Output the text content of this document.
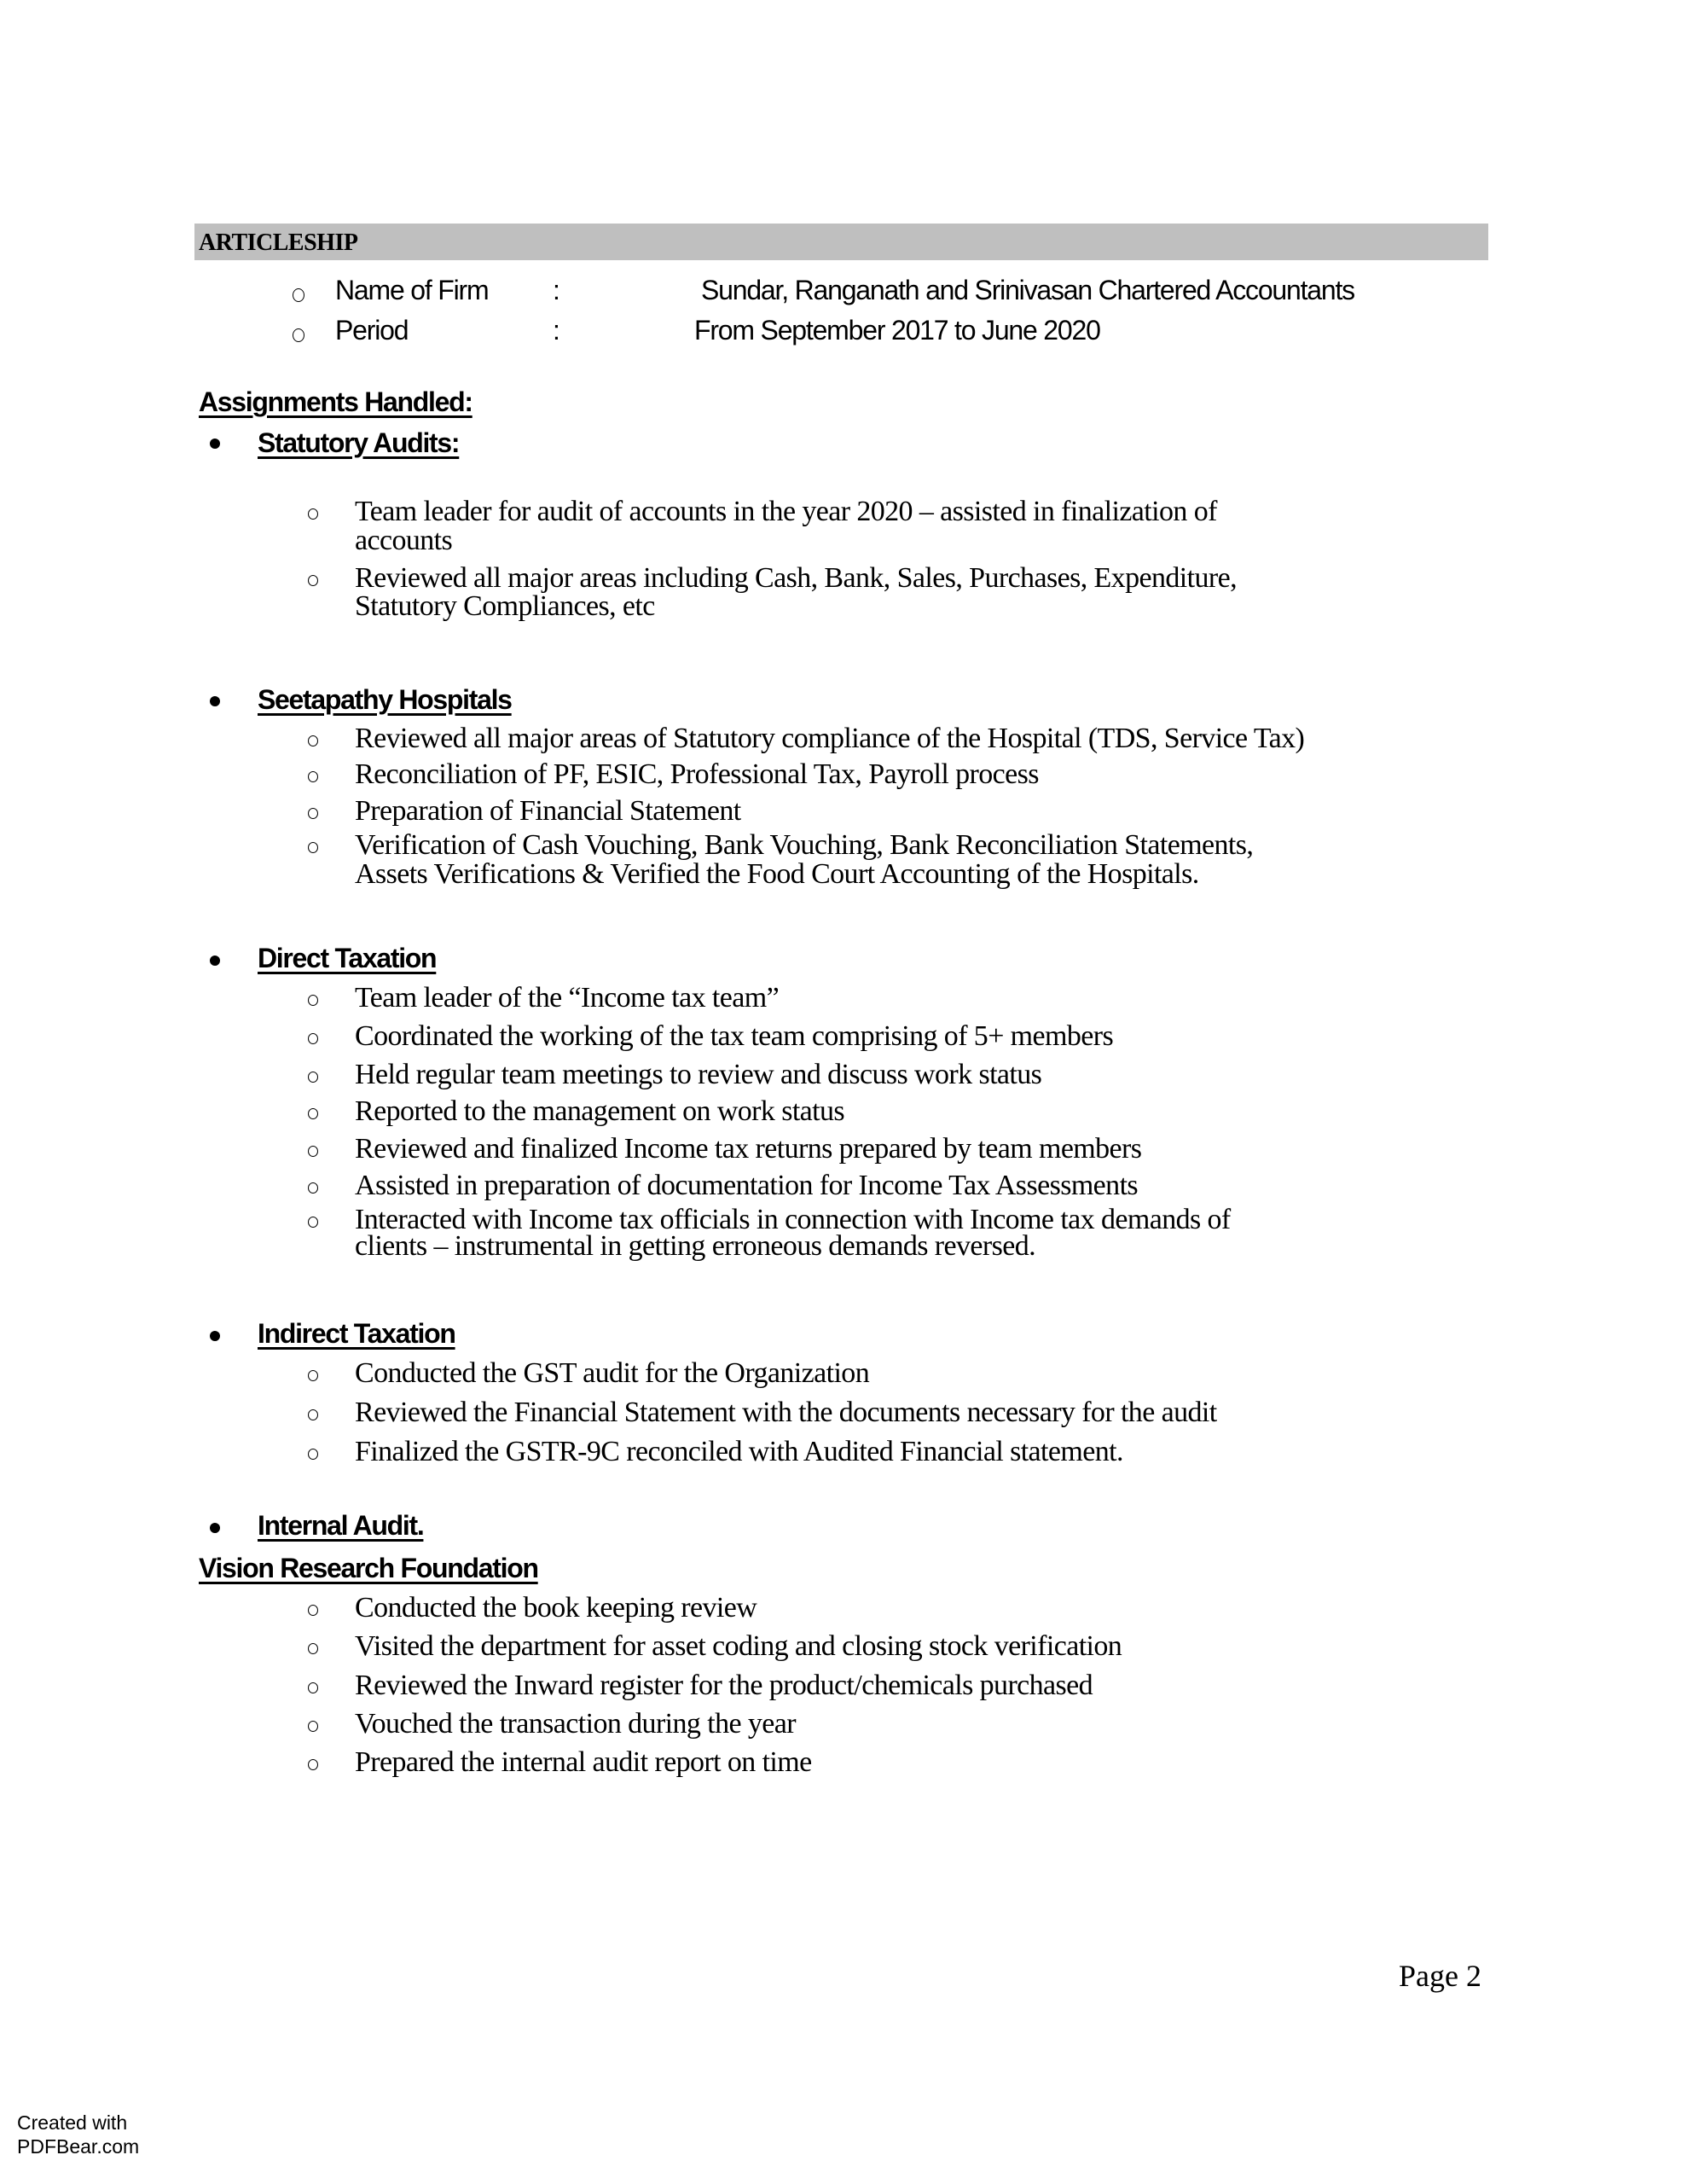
ARTICLESHIP
Name of Firm :	Sundar, Ranganath and Srinivasan Chartered Accountants
Period	:	From September 2017 to June 2020
Assignments Handled:
Statutory Audits:
Team leader for audit of accounts in the year 2020 – assisted in finalization of
accounts
Reviewed all major areas including Cash, Bank, Sales, Purchases, Expenditure,
Statutory Compliances, etc
Seetapathy Hospitals
Reviewed all major areas of Statutory compliance of the Hospital (TDS, Service Tax)
Reconciliation of PF, ESIC, Professional Tax, Payroll process
Preparation of Financial Statement
Verification of Cash Vouching, Bank Vouching, Bank Reconciliation Statements,
Assets Verifications & Verified the Food Court Accounting of the Hospitals.
Direct Taxation
Team leader of the “Income tax team”
Coordinated the working of the tax team comprising of 5+ members
Held regular team meetings to review and discuss work status
Reported to the management on work status
Reviewed and finalized Income tax returns prepared by team members
Assisted in preparation of documentation for Income Tax Assessments
Interacted with Income tax officials in connection with Income tax demands of
clients – instrumental in getting erroneous demands reversed.
Indirect Taxation
Conducted the GST audit for the Organization
Reviewed the Financial Statement with the documents necessary for the audit
Finalized the GSTR-9C reconciled with Audited Financial statement.
Internal Audit.
Vision Research Foundation
Conducted the book keeping review
Visited the department for asset coding and closing stock verification
Reviewed the Inward register for the product/chemicals purchased
Vouched the transaction during the year
Prepared the internal audit report on time
Page 2
Created with
PDFBear.com
